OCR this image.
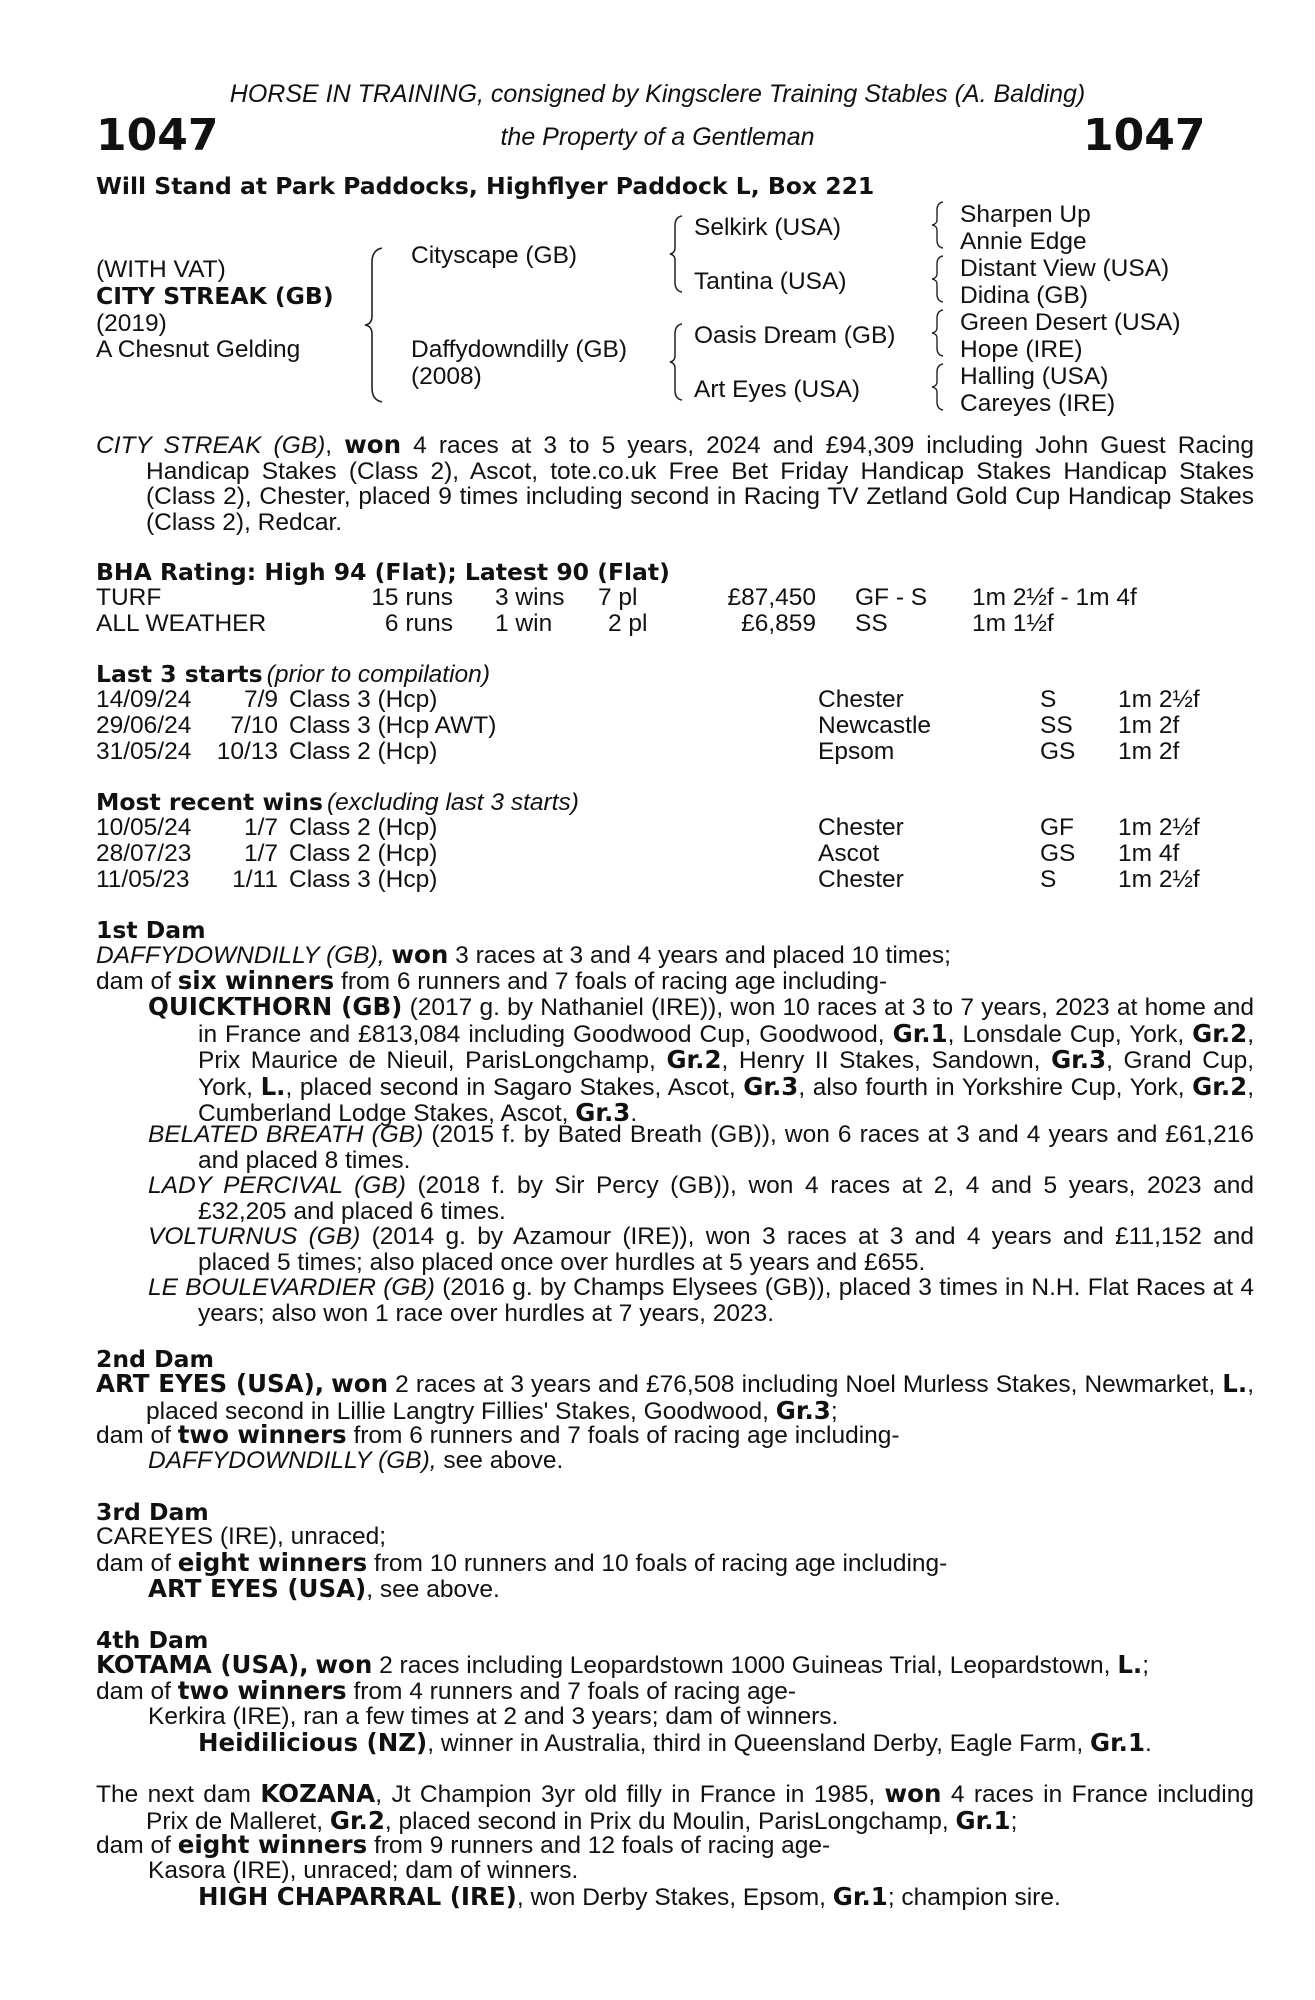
HORSE IN TRAINING, consigned by Kingsclere Training Stables (A. Balding)
the Property of a Gentleman
1047	1047
Will Stand at Park Paddocks, Highflyer Paddock L, Box 221
(WITH VAT)
CITY STREAK (GB)
(2019)
A Chesnut Gelding
Cityscape (GB)
Daffydowndilly (GB)
(2008)
Selkirk (USA)
Tantina (USA)
Oasis Dream (GB)
Art Eyes (USA)
Sharpen Up
Annie Edge
Distant View (USA)
Didina (GB)
Green Desert (USA)
Hope (IRE)
Halling (USA)
Careyes (IRE)
CITY STREAK (GB), won 4 races at 3 to 5 years, 2024 and £94,309 including John Guest Racing Handicap Stakes (Class 2), Ascot, tote.co.uk Free Bet Friday Handicap Stakes Handicap Stakes (Class 2), Chester, placed 9 times including second in Racing TV Zetland Gold Cup Handicap Stakes (Class 2), Redcar.
BHA Rating: High 94 (Flat); Latest 90 (Flat)
TURF	15 runs 3 wins 7 pl	£87,450 GF - S 1m 2½f - 1m 4f
ALL WEATHER	6 runs 1 win 2 pl	£6,859 SS	1m 1½f
Last 3 starts (prior to compilation)
14/09/24	7/9 Class 3 (Hcp)	Chester	S	1m 2½f
29/06/24	7/10 Class 3 (Hcp AWT)	Newcastle	SS 1m 2f
31/05/24	10/13 Class 2 (Hcp)	Epsom	GS 1m 2f
Most recent wins (excluding last 3 starts)
10/05/24	1/7 Class 2 (Hcp)	Chester	GF 1m 2½f
28/07/23	1/7 Class 2 (Hcp)	Ascot	GS 1m 4f
11/05/23	1/11 Class 3 (Hcp)	Chester	S	1m 2½f
1st Dam
DAFFYDOWNDILLY (GB), won 3 races at 3 and 4 years and placed 10 times;
dam of six winners from 6 runners and 7 foals of racing age including-
QUICKTHORN (GB) (2017 g. by Nathaniel (IRE)), won 10 races at 3 to 7 years, 2023 at home and in France and £813,084 including Goodwood Cup, Goodwood, Gr.1, Lonsdale Cup, York, Gr.2, Prix Maurice de Nieuil, ParisLongchamp, Gr.2, Henry II Stakes, Sandown, Gr.3, Grand Cup, York, L., placed second in Sagaro Stakes, Ascot, Gr.3, also fourth in Yorkshire Cup, York, Gr.2, Cumberland Lodge Stakes, Ascot, Gr.3.
BELATED BREATH (GB) (2015 f. by Bated Breath (GB)), won 6 races at 3 and 4 years and £61,216 and placed 8 times.
LADY PERCIVAL (GB) (2018 f. by Sir Percy (GB)), won 4 races at 2, 4 and 5 years, 2023 and £32,205 and placed 6 times.
VOLTURNUS (GB) (2014 g. by Azamour (IRE)), won 3 races at 3 and 4 years and £11,152 and placed 5 times; also placed once over hurdles at 5 years and £655.
LE BOULEVARDIER (GB) (2016 g. by Champs Elysees (GB)), placed 3 times in N.H. Flat Races at 4 years; also won 1 race over hurdles at 7 years, 2023.
2nd Dam
ART EYES (USA), won 2 races at 3 years and £76,508 including Noel Murless Stakes, Newmarket, L., placed second in Lillie Langtry Fillies' Stakes, Goodwood, Gr.3;
dam of two winners from 6 runners and 7 foals of racing age including-
DAFFYDOWNDILLY (GB), see above.
3rd Dam
CAREYES (IRE), unraced;
dam of eight winners from 10 runners and 10 foals of racing age including-
ART EYES (USA), see above.
4th Dam
KOTAMA (USA), won 2 races including Leopardstown 1000 Guineas Trial, Leopardstown, L.;
dam of two winners from 4 runners and 7 foals of racing age-
Kerkira (IRE), ran a few times at 2 and 3 years; dam of winners.
Heidilicious (NZ), winner in Australia, third in Queensland Derby, Eagle Farm, Gr.1.
The next dam KOZANA, Jt Champion 3yr old filly in France in 1985, won 4 races in France including Prix de Malleret, Gr.2, placed second in Prix du Moulin, ParisLongchamp, Gr.1;
dam of eight winners from 9 runners and 12 foals of racing age-
Kasora (IRE), unraced; dam of winners.
HIGH CHAPARRAL (IRE), won Derby Stakes, Epsom, Gr.1; champion sire.
